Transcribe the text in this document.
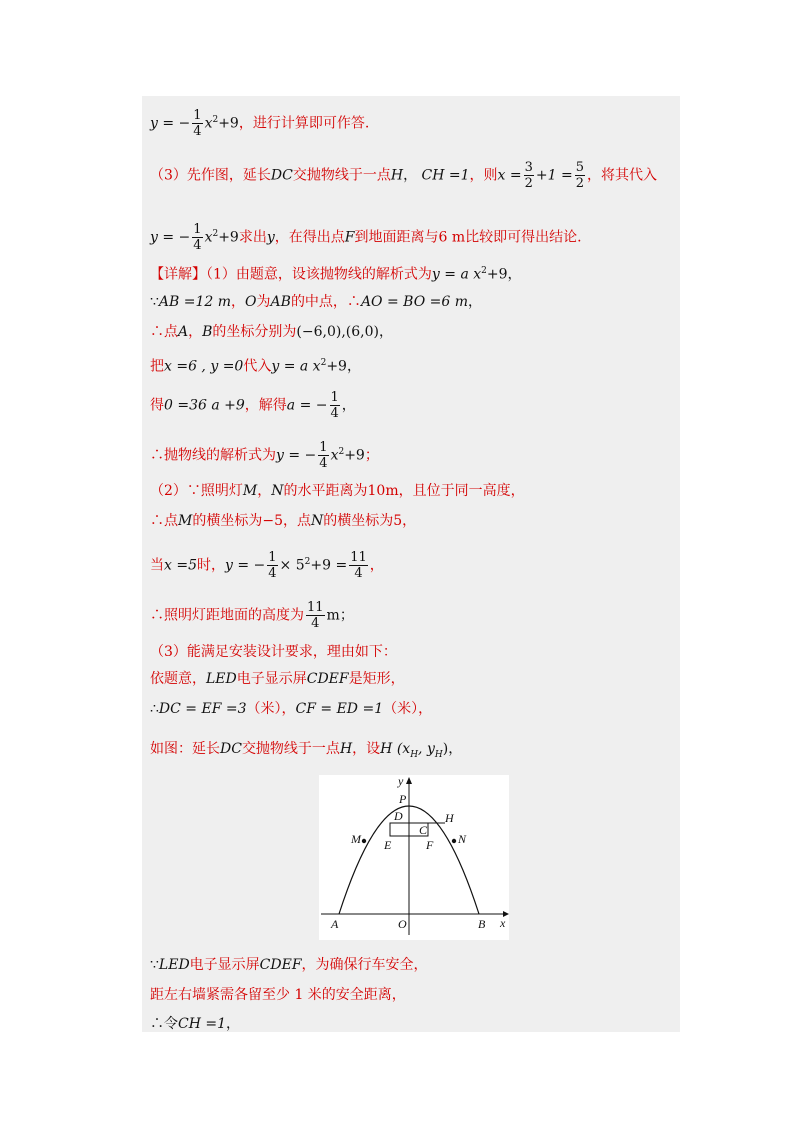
y = − $\frac{1}{4} x^2+9$，进行计算即可作答.
（3）先作图，延长DC交抛物线于一点H， CH =1，则$x = \frac{3}{2} +1 = \frac{5}{2}$ ，将其代入
y = − $\frac{1}{4} x^2+9$求出y，在得出点F到地面距离与6 m比较即可得出结论.
【详解】（1）由题意，设该抛物线的解析式为y = a $x^2+9$，
∵AB =12 m，O为AB的中点，∴AO = BO =6 m，
∴点A，B的坐标分别为(−6,0),(6,0)，
把x =6 , y =0代入y = a $x^2+9$，
得0 =36 a +9，解得a = − $\frac{1}{4}$ ，
∴抛物线的解析式为y = − $\frac{1}{4} x^2+9$；
（2）∵照明灯M，N的水平距离为10m，且位于同一高度，
∴点M的横坐标为−5，点N的横坐标为5，
当x =5时，y = − $\frac{1}{4} \times 5^2+9 = \frac{11}{4}$ ，
∴照明灯距地面的高度为 $\frac{11}{4}$ m；
（3）能满足安装设计要求，理由如下：
依题意，LED电子显示屏CDEF是矩形，
∴DC = EF =3（米），CF = ED =1（米），
如图：延长DC交抛物线于一点H，设H ($x_H$, $y_H$)，
y
x
P
D	H
C
M	N
E	F
A	O	B
∵LED电子显示屏CDEF，为确保行车安全，
距左右墙紧需各留至少 1 米的安全距离，
∴令CH =1，
